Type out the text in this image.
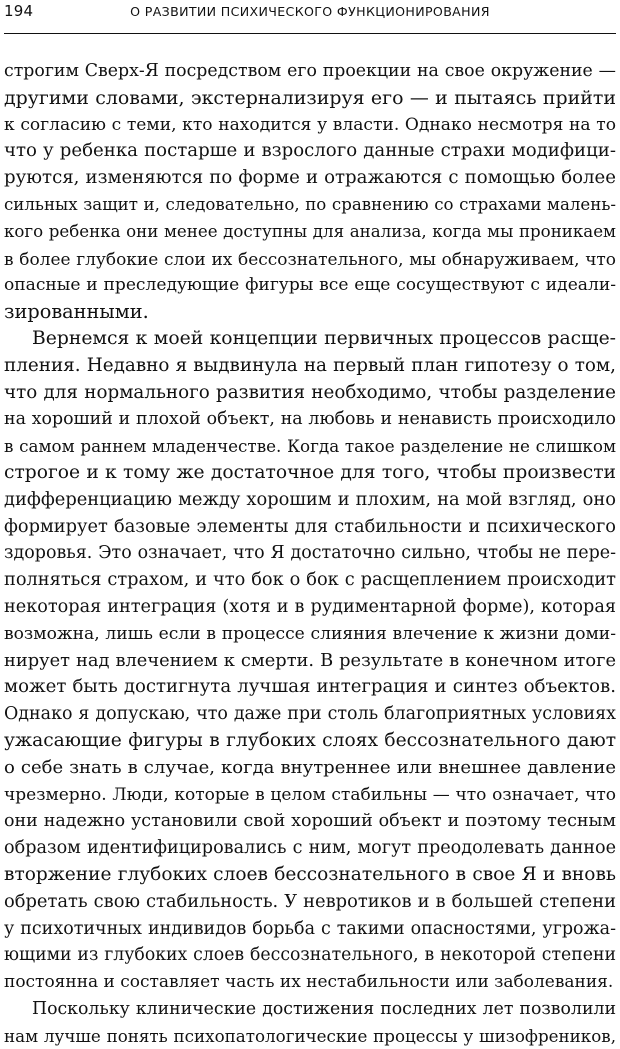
194	О РАЗВИТИИ ПСИХИЧЕСКОГО ФУНКЦИОНИРОВАНИЯ

строгим Сверх-Я посредством его проекции на свое окружение —
другими словами, экстернализируя его — и пытаясь прийти
к согласию с теми, кто находится у власти. Однако несмотря на то
что у ребенка постарше и взрослого данные страхи модифици-
руются, изменяются по форме и отражаются с помощью более
сильных защит и, следовательно, по сравнению со страхами малень-
кого ребенка они менее доступны для анализа, когда мы проникаем
в более глубокие слои их бессознательного, мы обнаруживаем, что
опасные и преследующие фигуры все еще сосуществуют с идеали-
зированными.

Вернемся к моей концепции первичных процессов расще-
пления. Недавно я выдвинула на первый план гипотезу о том,
что для нормального развития необходимо, чтобы разделение
на хороший и плохой объект, на любовь и ненависть происходило
в самом раннем младенчестве. Когда такое разделение не слишком
строгое и к тому же достаточное для того, чтобы произвести
дифференциацию между хорошим и плохим, на мой взгляд, оно
формирует базовые элементы для стабильности и психического
здоровья. Это означает, что Я достаточно сильно, чтобы не пере-
полняться страхом, и что бок о бок с расщеплением происходит
некоторая интеграция (хотя и в рудиментарной форме), которая
возможна, лишь если в процессе слияния влечение к жизни доми-
нирует над влечением к смерти. В результате в конечном итоге
может быть достигнута лучшая интеграция и синтез объектов.
Однако я допускаю, что даже при столь благоприятных условиях
ужасающие фигуры в глубоких слоях бессознательного дают
о себе знать в случае, когда внутреннее или внешнее давление
чрезмерно. Люди, которые в целом стабильны — что означает, что
они надежно установили свой хороший объект и поэтому тесным
образом идентифицировались с ним, могут преодолевать данное
вторжение глубоких слоев бессознательного в свое Я и вновь
обретать свою стабильность. У невротиков и в большей степени
у психотичных индивидов борьба с такими опасностями, угрожа-
ющими из глубоких слоев бессознательного, в некоторой степени
постоянна и составляет часть их нестабильности или заболевания.

Поскольку клинические достижения последних лет позволили
нам лучше понять психопатологические процессы у шизофреников,
